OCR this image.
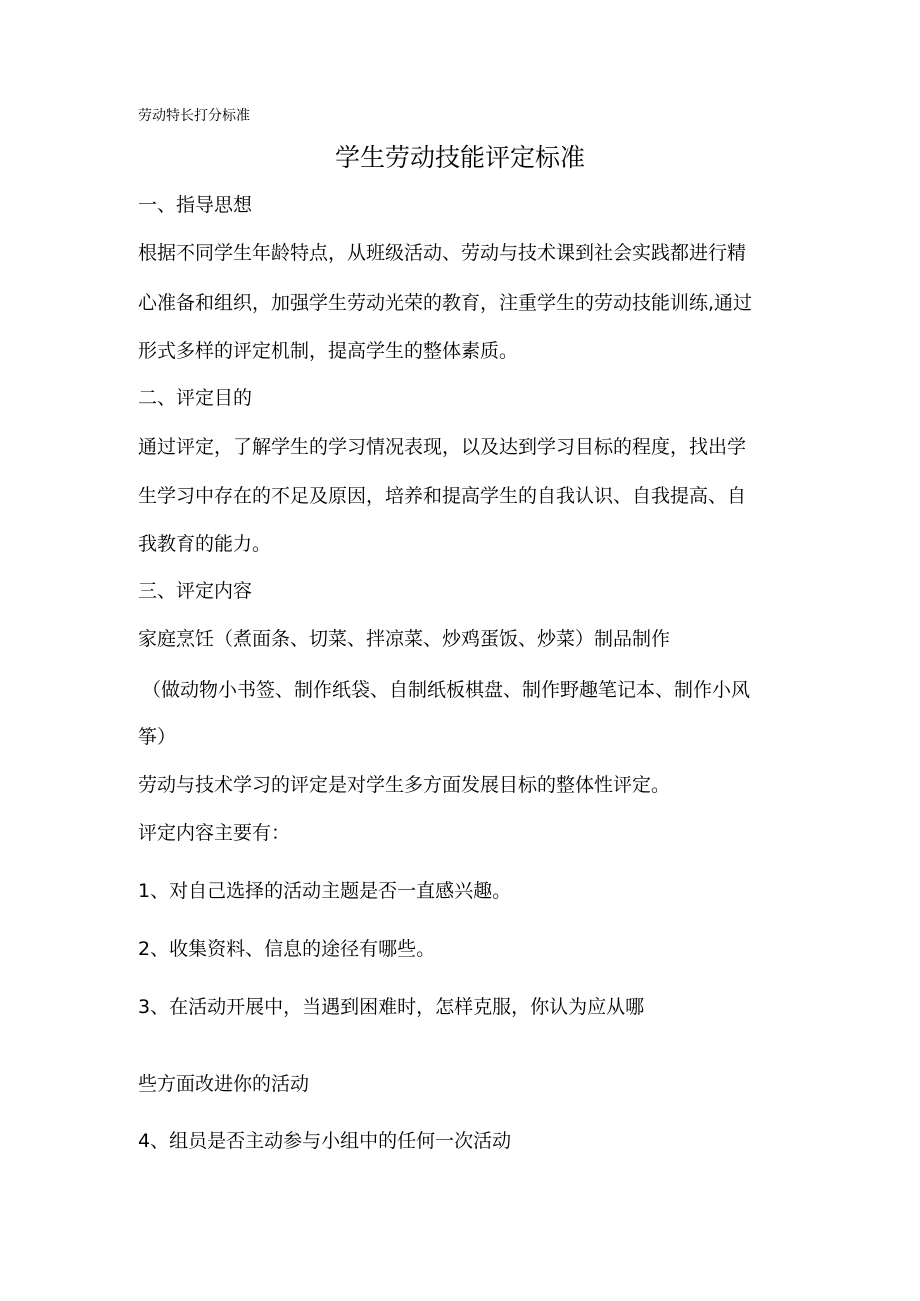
劳动特长打分标准
学生劳动技能评定标准
一、指导思想
根据不同学生年龄特点，从班级活动、劳动与技术课到社会实践都进行精
心准备和组织，加强学生劳动光荣的教育，注重学生的劳动技能训练,通过
形式多样的评定机制，提高学生的整体素质。
二、评定目的
通过评定，了解学生的学习情况表现，以及达到学习目标的程度，找出学
生学习中存在的不足及原因，培养和提高学生的自我认识、自我提高、自
我教育的能力。
三、评定内容
家庭烹饪（煮面条、切菜、拌凉菜、炒鸡蛋饭、炒菜）制品制作
（做动物小书签、制作纸袋、自制纸板棋盘、制作野趣笔记本、制作小风
筝）
劳动与技术学习的评定是对学生多方面发展目标的整体性评定。
评定内容主要有：
1、对自己选择的活动主题是否一直感兴趣。
2、收集资料、信息的途径有哪些。
3、在活动开展中，当遇到困难时，怎样克服，你认为应从哪
些方面改进你的活动
4、组员是否主动参与小组中的任何一次活动
